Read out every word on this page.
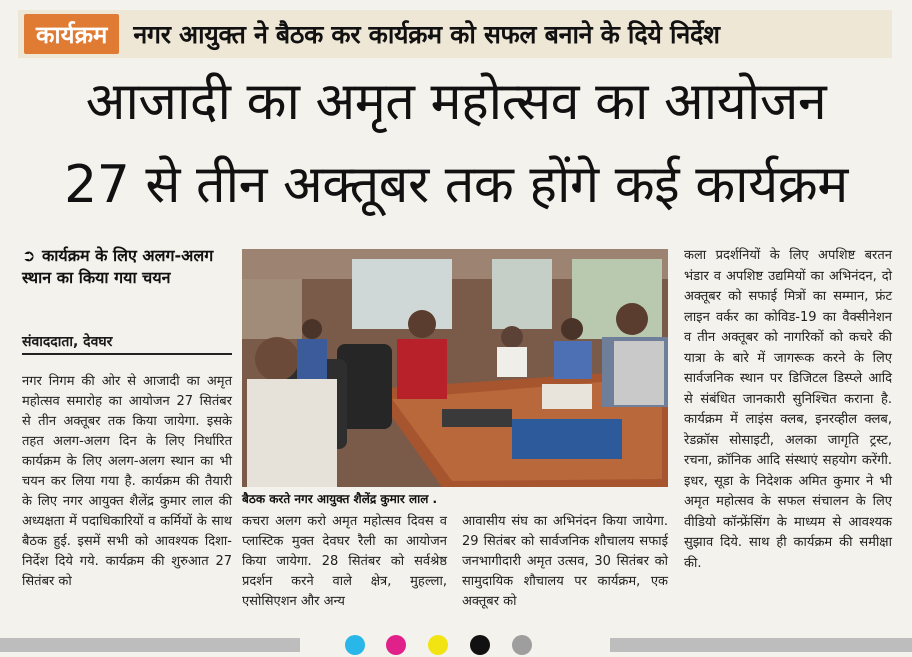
कार्यक्रम	नगर आयुक्त ने बैठक कर कार्यक्रम को सफल बनाने के दिये निर्देश
आजादी का अमृत महोत्सव का आयोजन
27 से तीन अक्तूबर तक होंगे कई कार्यक्रम
➲ कार्यक्रम के लिए अलग-अलग स्थान का किया गया चयन
संवाददाता, देवघर

नगर निगम की ओर से आजादी का अमृत महोत्सव समारोह का आयोजन 27 सितंबर से तीन अक्तूबर तक किया जायेगा. इसके तहत अलग-अलग दिन के लिए निर्धारित कार्यक्रम के लिए अलग-अलग स्थान का भी चयन कर लिया गया है. कार्यक्रम की तैयारी के लिए नगर आयुक्त शैलेंद्र कुमार लाल की अध्यक्षता में पदाधिकारियों व कर्मियों के साथ बैठक हुई. इसमें सभी को आवश्यक दिशा-निर्देश दिये गये. कार्यक्रम की शुरुआत 27 सितंबर को

बैठक करते नगर आयुक्त शैलेंद्र कुमार लाल .

कचरा अलग करो अमृत महोत्सव दिवस व प्लास्टिक मुक्त देवघर रैली का आयोजन किया जायेगा. 28 सितंबर को सर्वश्रेष्ठ प्रदर्शन करने वाले क्षेत्र, मुहल्ला, एसोसिएशन और अन्य

आवासीय संघ का अभिनंदन किया जायेगा. 29 सितंबर को सार्वजनिक शौचालय सफाई जनभागीदारी अमृत उत्सव, 30 सितंबर को सामुदायिक शौचालय पर कार्यक्रम, एक अक्तूबर को

कला प्रदर्शनियों के लिए अपशिष्ट बरतन भंडार व अपशिष्ट उद्यमियों का अभिनंदन, दो अक्तूबर को सफाई मित्रों का सम्मान, फ्रंट लाइन वर्कर का कोविड-19 का वैक्सीनेशन व तीन अक्तूबर को नागरिकों को कचरे की यात्रा के बारे में जागरूक करने के लिए सार्वजनिक स्थान पर डिजिटल डिस्प्ले आदि से संबंधित जानकारी सुनिश्चित कराना है. कार्यक्रम में लाइंस क्लब, इनरव्हील क्लब, रेडक्रॉस सोसाइटी, अलका जागृति ट्रस्ट, रचना, क्रॉनिक आदि संस्थाएं सहयोग करेंगी. इधर, सूडा के निदेशक अमित कुमार ने भी अमृत महोत्सव के सफल संचालन के लिए वीडियो कॉन्फ्रेंसिंग के माध्यम से आवश्यक सुझाव दिये. साथ ही कार्यक्रम की समीक्षा की.
